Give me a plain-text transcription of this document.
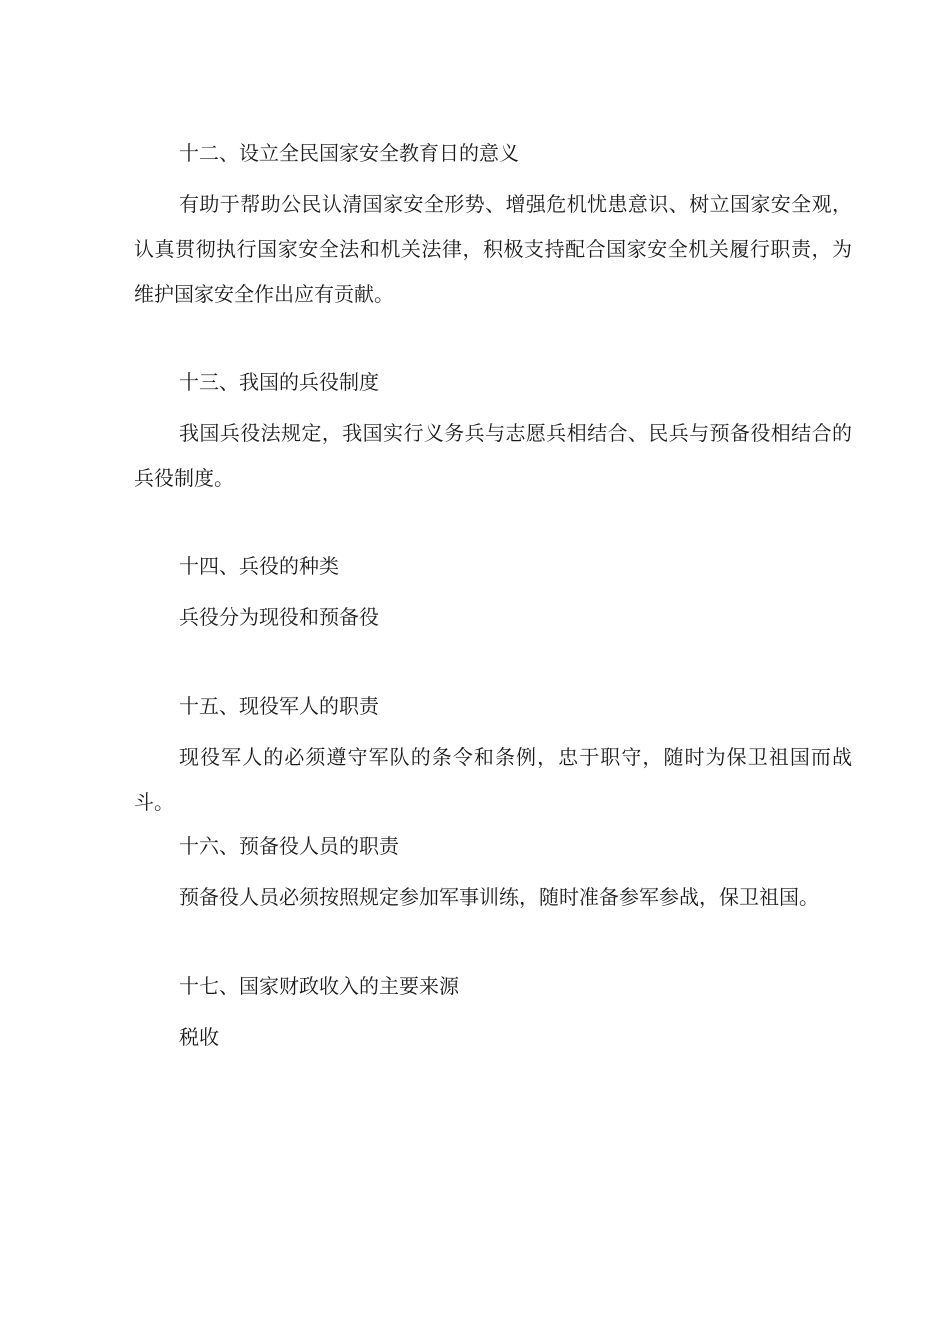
十二、设立全民国家安全教育日的意义

有助于帮助公民认清国家安全形势、增强危机忧患意识、树立国家安全观，认真贯彻执行国家安全法和机关法律，积极支持配合国家安全机关履行职责，为维护国家安全作出应有贡献。

十三、我国的兵役制度

我国兵役法规定，我国实行义务兵与志愿兵相结合、民兵与预备役相结合的兵役制度。

十四、兵役的种类

兵役分为现役和预备役

十五、现役军人的职责

现役军人的必须遵守军队的条令和条例，忠于职守，随时为保卫祖国而战斗。

十六、预备役人员的职责

预备役人员必须按照规定参加军事训练，随时准备参军参战，保卫祖国。

十七、国家财政收入的主要来源

税收
